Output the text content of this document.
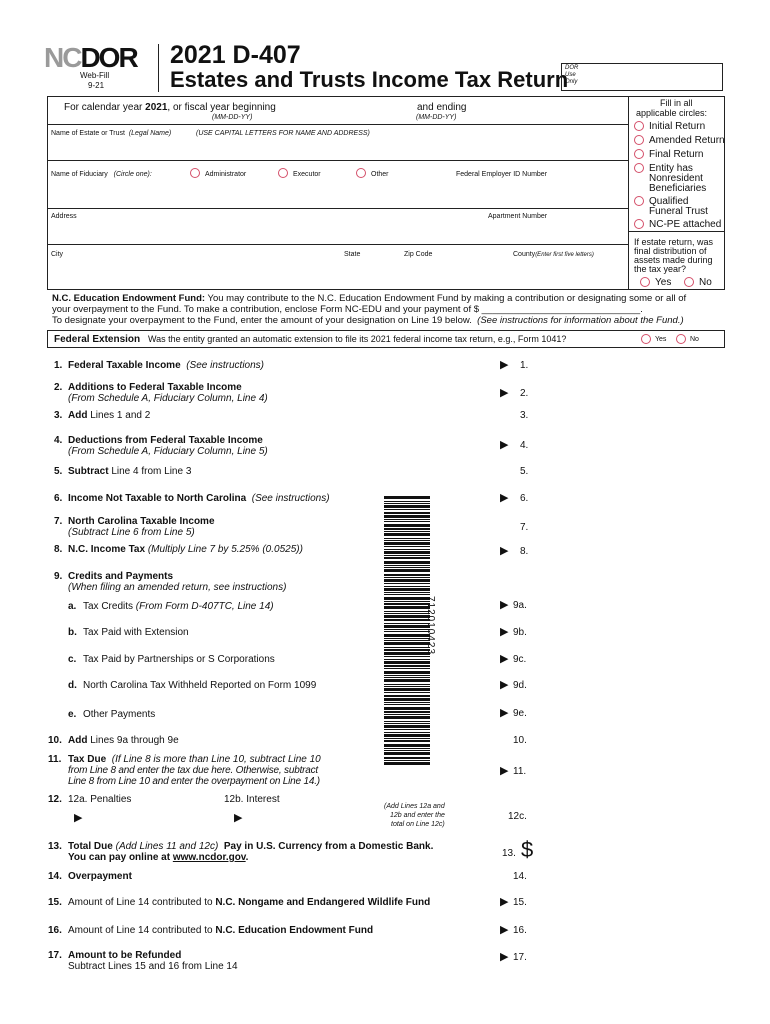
NCDOR
Web-Fill
9-21
2021 D-407
Estates and Trusts Income Tax Return
DOR
Use
Only
For calendar year 2021, or fiscal year beginning
(MM-DD-YY)
and ending
(MM-DD-YY)
Name of Estate or Trust (Legal Name)	(USE CAPITAL LETTERS FOR NAME AND ADDRESS)
Name of Fiduciary (Circle one):	Administrator	Executor	Other	Federal Employer ID Number
Address	Apartment Number
City	State	Zip Code	County(Enter first five letters)
Fill in all
applicable circles:
Initial Return
Amended Return
Final Return
Entity has
Nonresident
Beneficiaries
Qualified
Funeral Trust
NC-PE attached
If estate return, was
final distribution of
assets made during
the tax year?
Yes	No
N.C. Education Endowment Fund: You may contribute to the N.C. Education Endowment Fund by making a contribution or designating some or all of
your overpayment to the Fund. To make a contribution, enclose Form NC-EDU and your payment of $ ______________________________.
To designate your overpayment to the Fund, enter the amount of your designation on Line 19 below. (See instructions for information about the Fund.)
Federal Extension Was the entity granted an automatic extension to file its 2021 federal income tax return, e.g., Form 1041?	Yes	No
712010423
1. Federal Taxable Income (See instructions)	▶ 1.
2. Additions to Federal Taxable Income
(From Schedule A, Fiduciary Column, Line 4)	▶ 2.
3. Add Lines 1 and 2	3.
4. Deductions from Federal Taxable Income
(From Schedule A, Fiduciary Column, Line 5)
▶ 4.
5. Subtract Line 4 from Line 3	5.
6. Income Not Taxable to North Carolina (See instructions)	▶ 6.
7. North Carolina Taxable Income
(Subtract Line 6 from Line 5)	7.
8. N.C. Income Tax (Multiply Line 7 by 5.25% (0.0525))	▶ 8.
9. Credits and Payments
(When filing an amended return, see instructions)
a. Tax Credits (From Form D-407TC, Line 14)	▶ 9a.
b. Tax Paid with Extension	▶ 9b.
c. Tax Paid by Partnerships or S Corporations	▶ 9c.
d. North Carolina Tax Withheld Reported on Form 1099	▶ 9d.
e. Other Payments	▶ 9e.
10. Add Lines 9a through 9e	10.
11. Tax Due (If Line 8 is more than Line 10, subtract Line 10
from Line 8 and enter the tax due here. Otherwise, subtract
Line 8 from Line 10 and enter the overpayment on Line 14.)
▶ 11.
12. 12a. Penalties	12b. Interest
▶	▶
(Add Lines 12a and
12b and enter the
total on Line 12c)
12c.
13. Total Due (Add Lines 11 and 12c) Pay in U.S. Currency from a Domestic Bank.
You can pay online at www.ncdor.gov.	13. $
14. Overpayment	14.
15. Amount of Line 14 contributed to N.C. Nongame and Endangered Wildlife Fund	▶ 15.
16. Amount of Line 14 contributed to N.C. Education Endowment Fund	▶ 16.
17. Amount to be Refunded
Subtract Lines 15 and 16 from Line 14
▶ 17.
